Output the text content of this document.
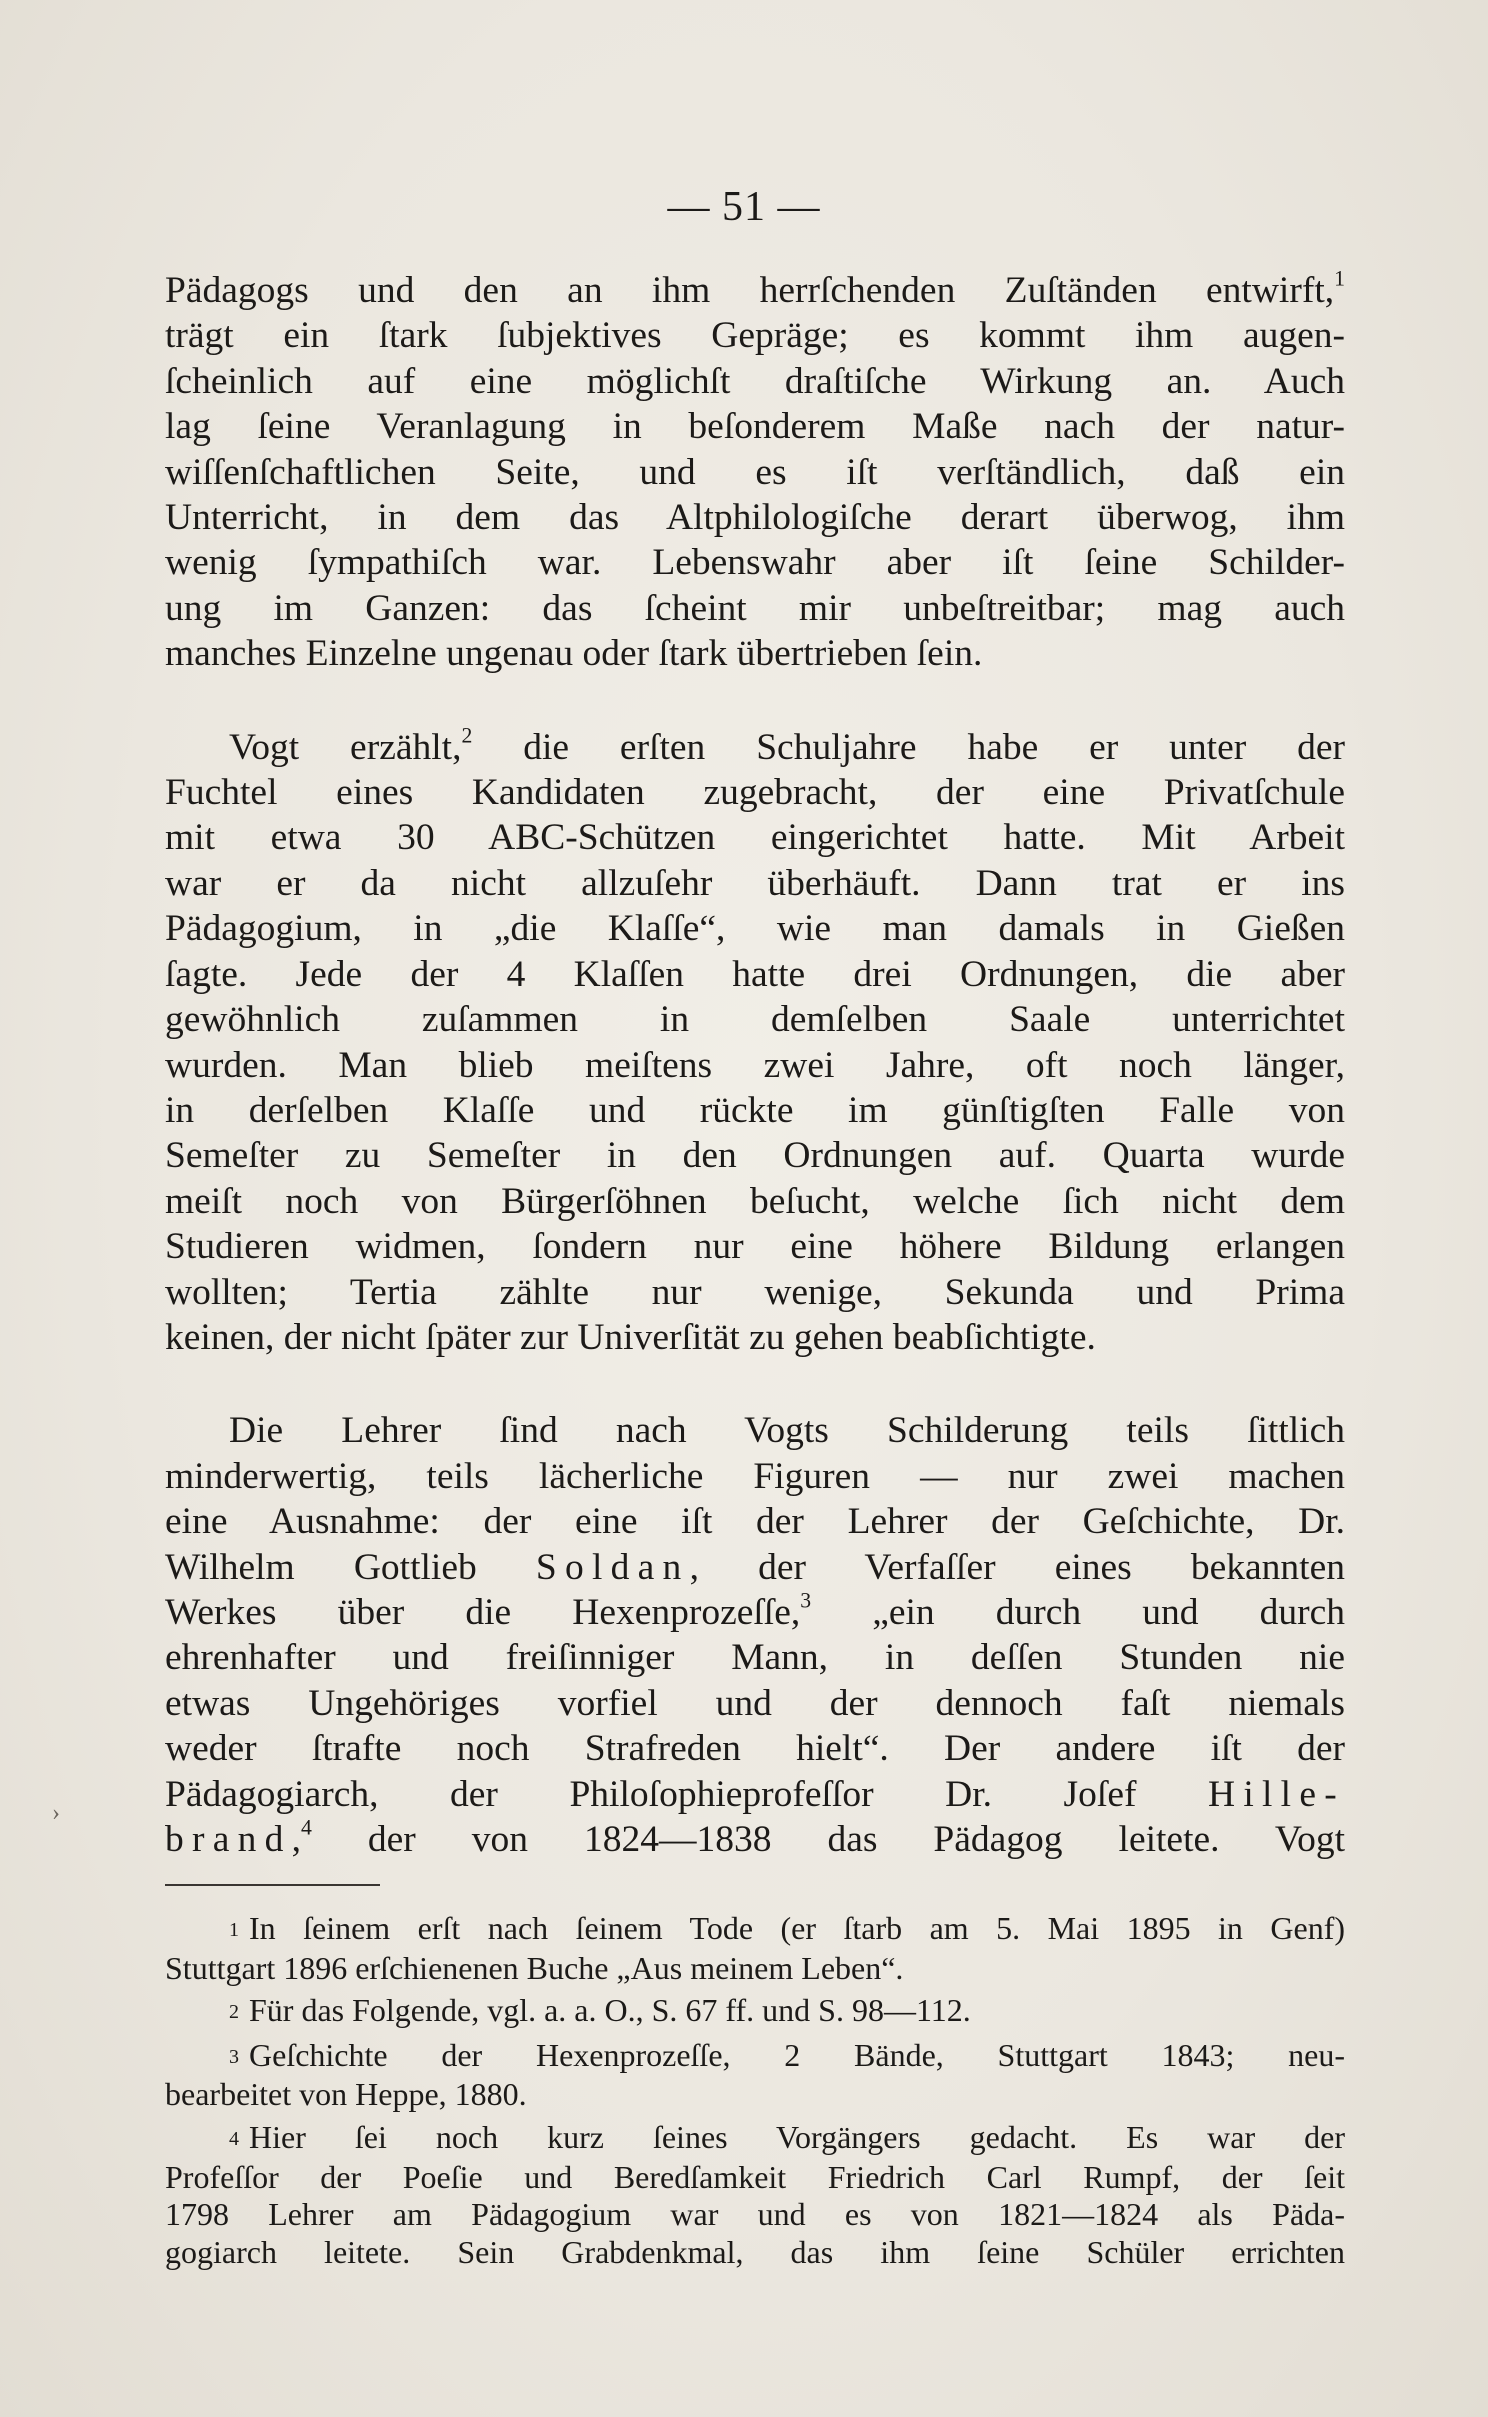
— 51 —

Pädagogs und den an ihm herrſchenden Zuſtänden entwirft,$^1$
trägt ein ſtark ſubjektives Gepräge; es kommt ihm augen-
ſcheinlich auf eine möglichſt draſtiſche Wirkung an. Auch
lag ſeine Veranlagung in beſonderem Maße nach der natur-
wiſſenſchaftlichen Seite, und es iſt verſtändlich, daß ein
Unterricht, in dem das Altphilologiſche derart überwog, ihm
wenig ſympathiſch war. Lebenswahr aber iſt ſeine Schilder-
ung im Ganzen: das ſcheint mir unbeſtreitbar; mag auch
manches Einzelne ungenau oder ſtark übertrieben ſein.

Vogt erzählt,$^2$ die erſten Schuljahre habe er unter der
Fuchtel eines Kandidaten zugebracht, der eine Privatſchule
mit etwa 30 ABC-Schützen eingerichtet hatte. Mit Arbeit
war er da nicht allzuſehr überhäuft. Dann trat er ins
Pädagogium, in „die Klaſſe“, wie man damals in Gießen
ſagte. Jede der 4 Klaſſen hatte drei Ordnungen, die aber
gewöhnlich zuſammen in demſelben Saale unterrichtet
wurden. Man blieb meiſtens zwei Jahre, oft noch länger,
in derſelben Klaſſe und rückte im günſtigſten Falle von
Semeſter zu Semeſter in den Ordnungen auf. Quarta wurde
meiſt noch von Bürgerſöhnen beſucht, welche ſich nicht dem
Studieren widmen, ſondern nur eine höhere Bildung erlangen
wollten; Tertia zählte nur wenige, Sekunda und Prima
keinen, der nicht ſpäter zur Univerſität zu gehen beabſichtigte.

Die Lehrer ſind nach Vogts Schilderung teils ſittlich
minderwertig, teils lächerliche Figuren — nur zwei machen
eine Ausnahme: der eine iſt der Lehrer der Geſchichte, Dr.
Wilhelm Gottlieb Soldan, der Verfaſſer eines bekannten
Werkes über die Hexenprozeſſe,$^3$ „ein durch und durch
ehrenhafter und freiſinniger Mann, in deſſen Stunden nie
etwas Ungehöriges vorfiel und der dennoch faſt niemals
weder ſtrafte noch Strafreden hielt“. Der andere iſt der
Pädagogiarch, der Philoſophieprofeſſor Dr. Joſef Hille-
brand,$^4$ der von 1824—1838 das Pädagog leitete. Vogt

›
1 In ſeinem erſt nach ſeinem Tode (er ſtarb am 5. Mai 1895 in Genf)
Stuttgart 1896 erſchienenen Buche „Aus meinem Leben“.
2 Für das Folgende, vgl. a. a. O., S. 67 ff. und S. 98—112.
3 Geſchichte der Hexenprozeſſe, 2 Bände, Stuttgart 1843; neu-
bearbeitet von Heppe, 1880.
4 Hier ſei noch kurz ſeines Vorgängers gedacht. Es war der
Profeſſor der Poeſie und Beredſamkeit Friedrich Carl Rumpf, der ſeit
1798 Lehrer am Pädagogium war und es von 1821—1824 als Päda-
gogiarch leitete. Sein Grabdenkmal, das ihm ſeine Schüler errichten
